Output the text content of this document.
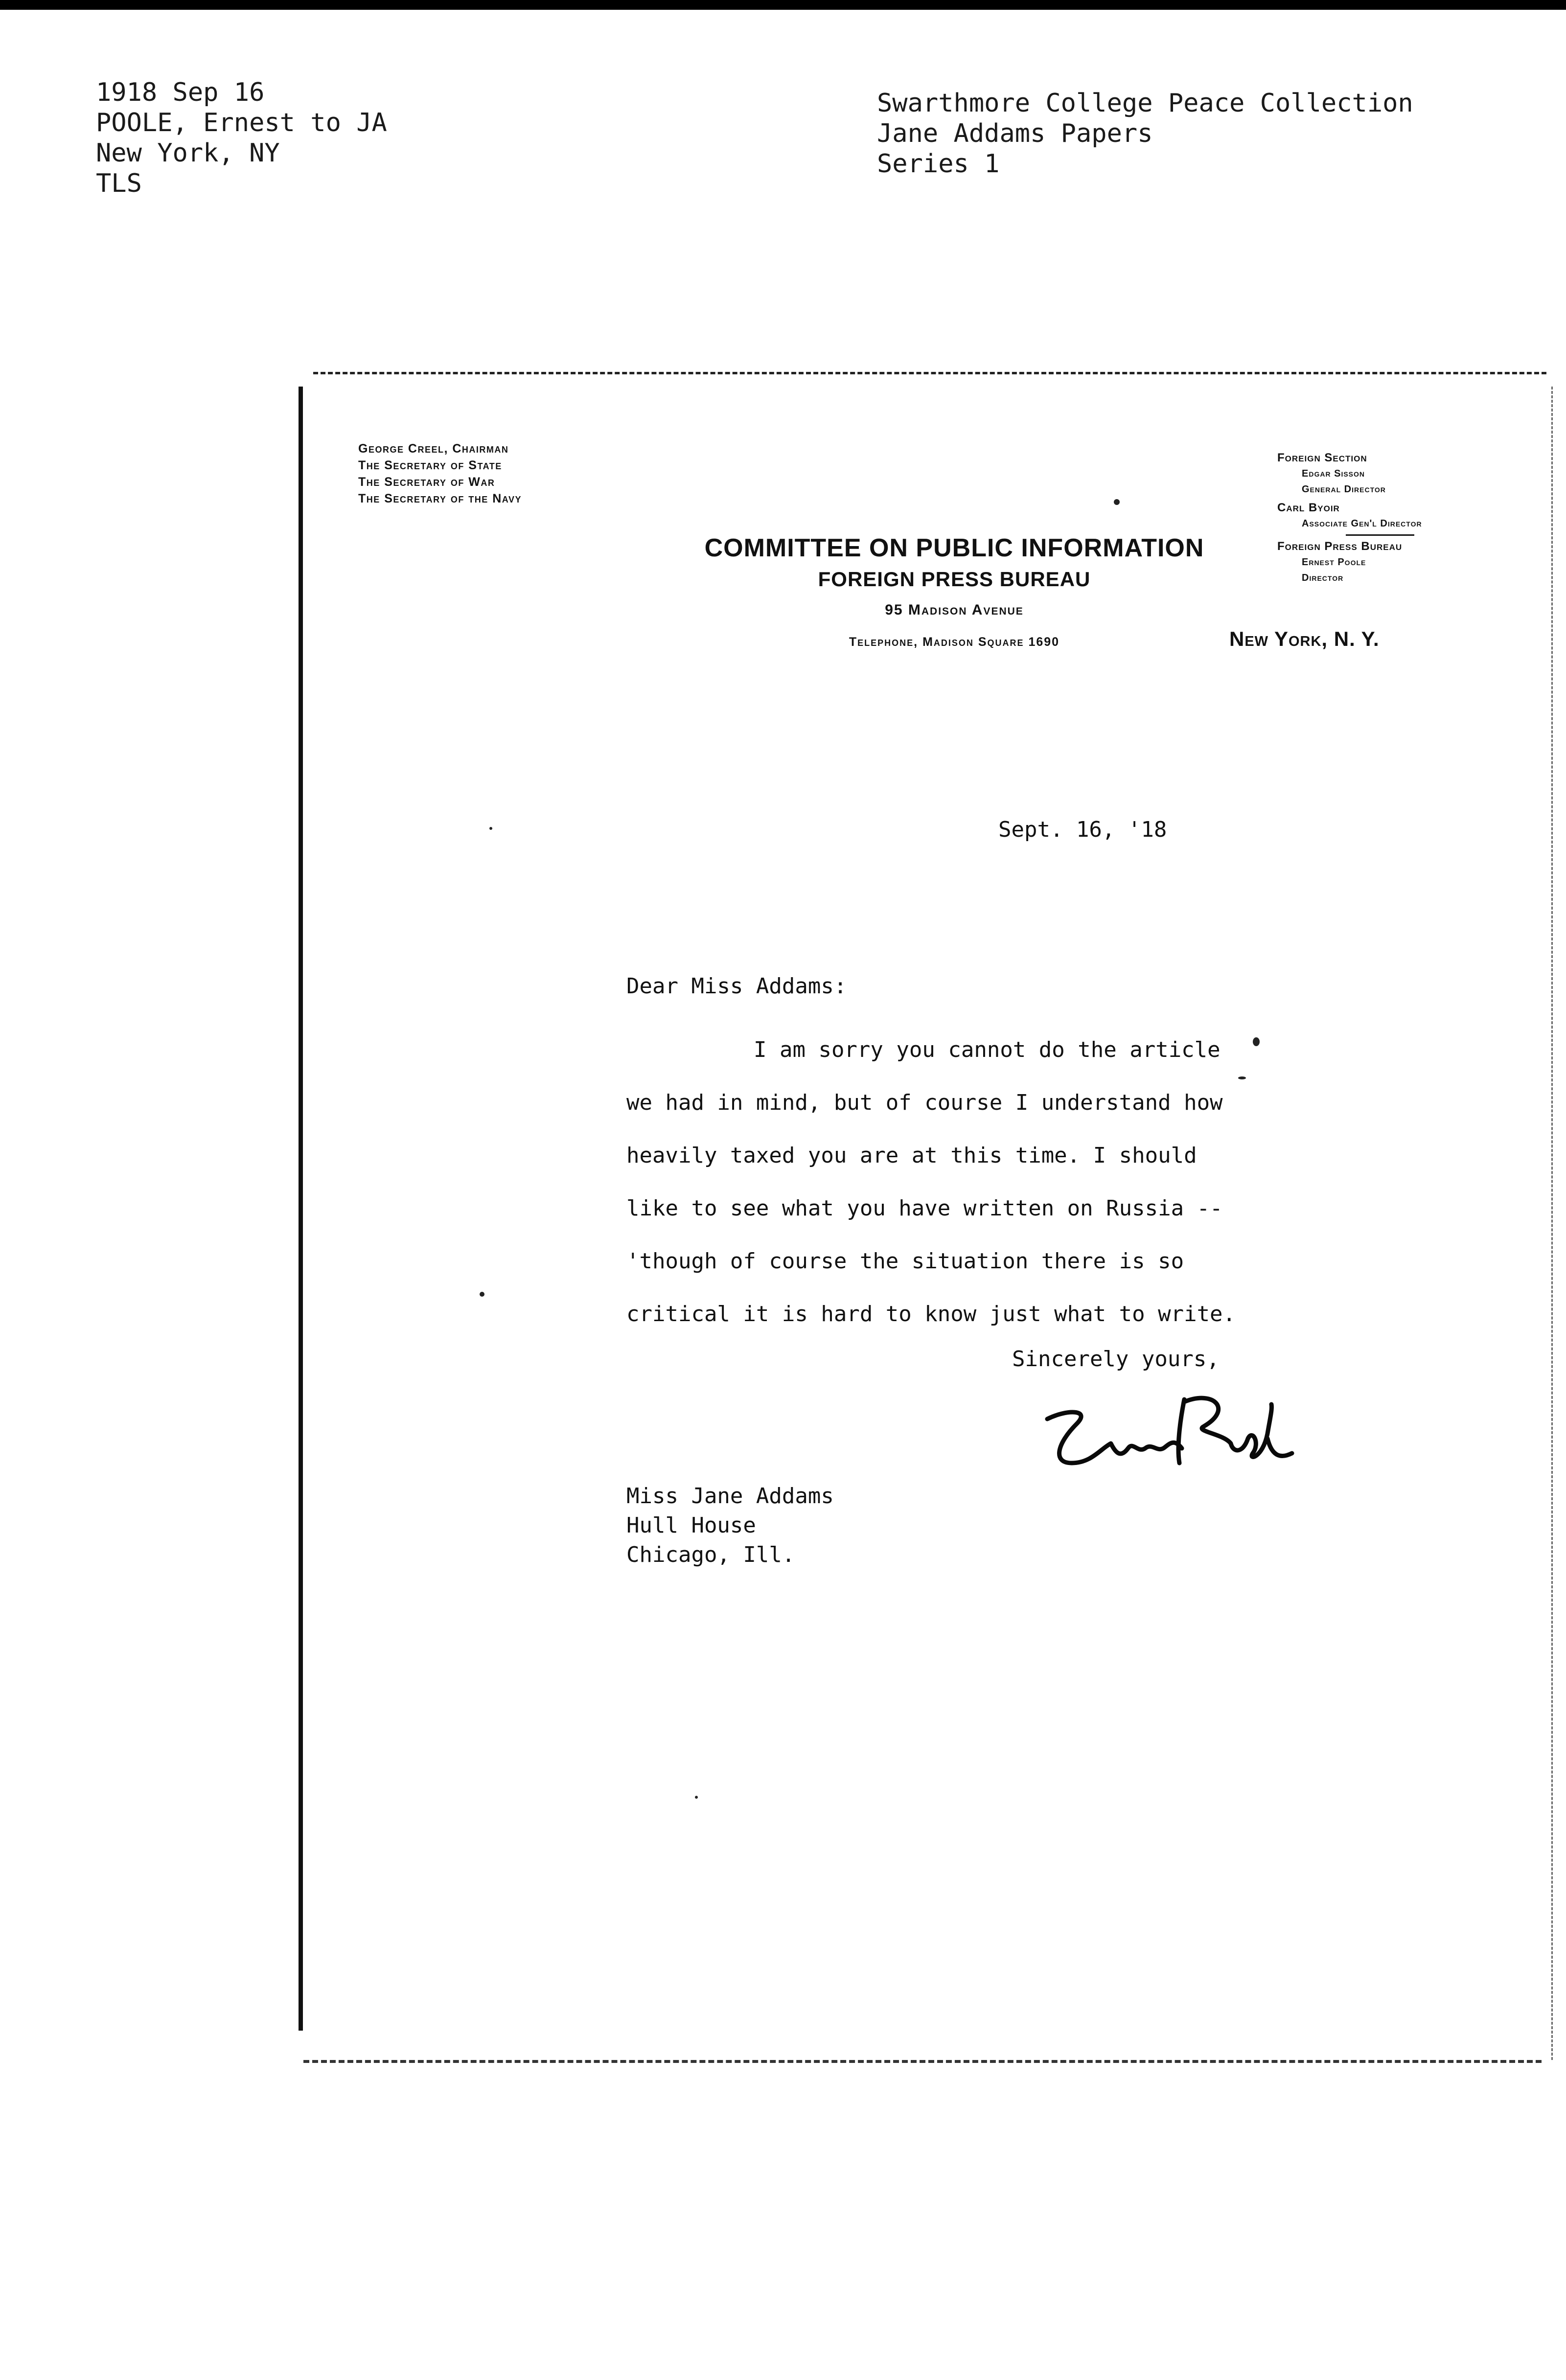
1918 Sep 16
POOLE, Ernest to JA
New York, NY
TLS
Swarthmore College Peace Collection
Jane Addams Papers
Series 1
George Creel, Chairman
The Secretary of State
The Secretary of War
The Secretary of the Navy
Foreign Section
Edgar Sisson
General Director
Carl Byoir
Associate Gen'l Director
Foreign Press Bureau
Ernest Poole
Director
COMMITTEE ON PUBLIC INFORMATION
FOREIGN PRESS BUREAU
95 Madison Avenue
Telephone, Madison Square 1690	New York, N. Y.
Sept. 16, '18
Dear Miss Addams:
I am sorry you cannot do the article
we had in mind, but of course I understand how
heavily taxed you are at this time. I should
like to see what you have written on Russia --
'though of course the situation there is so
critical it is hard to know just what to write.
Sincerely yours,
Miss Jane Addams
Hull House
Chicago, Ill.
